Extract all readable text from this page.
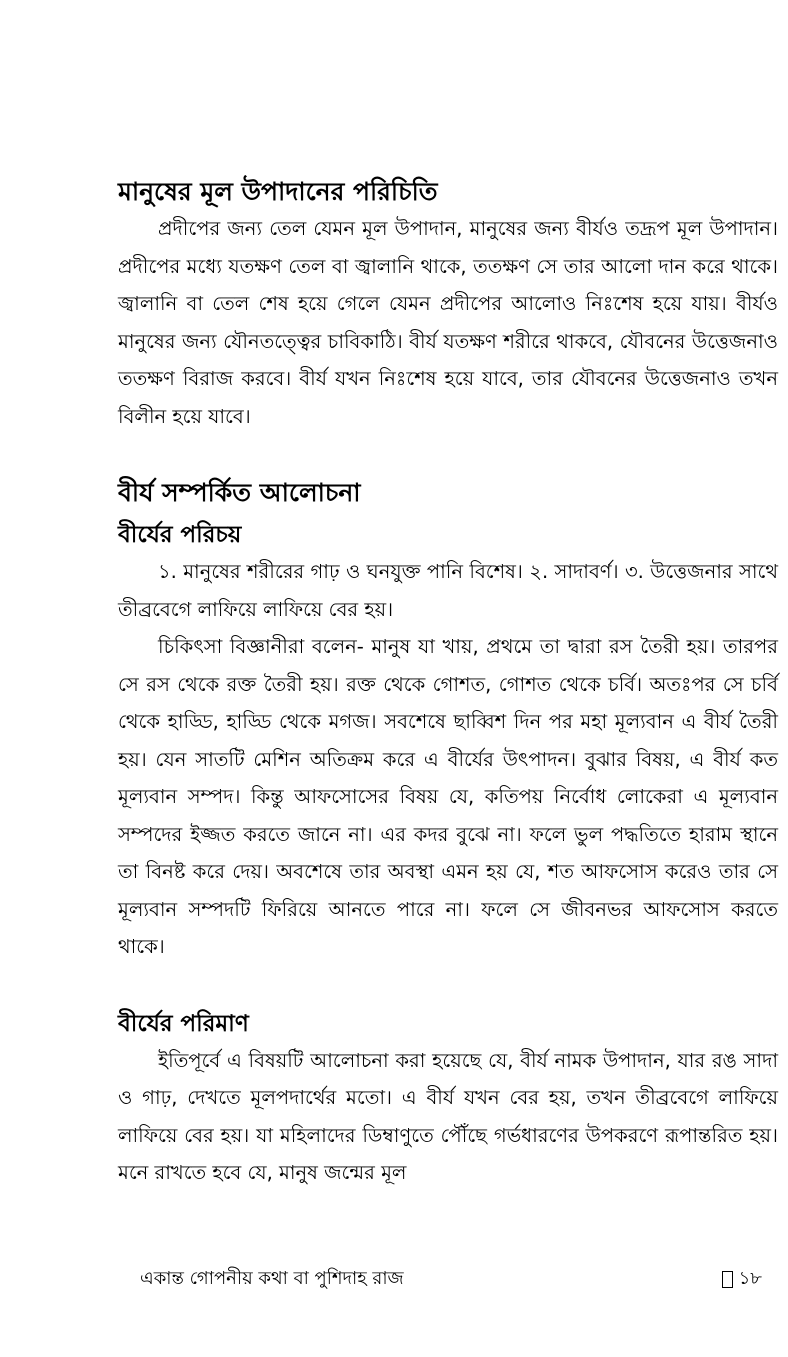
মানুষের মূল উপাদানের পরিচিতি

প্রদীপের জন্য তেল যেমন মূল উপাদান, মানুষের জন্য বীর্যও তদ্রূপ মূল উপাদান। প্রদীপের মধ্যে যতক্ষণ তেল বা জ্বালানি থাকে, ততক্ষণ সে তার আলো দান করে থাকে। জ্বালানি বা তেল শেষ হয়ে গেলে যেমন প্রদীপের আলোও নিঃশেষ হয়ে যায়। বীর্যও মানুষের জন্য যৌনতত্ত্বের চাবিকাঠি। বীর্য যতক্ষণ শরীরে থাকবে, যৌবনের উত্তেজনাও ততক্ষণ বিরাজ করবে। বীর্য যখন নিঃশেষ হয়ে যাবে, তার যৌবনের উত্তেজনাও তখন বিলীন হয়ে যাবে।

বীর্য সম্পর্কিত আলোচনা
বীর্যের পরিচয়

১. মানুষের শরীরের গাঢ় ও ঘনযুক্ত পানি বিশেষ। ২. সাদাবর্ণ। ৩. উত্তেজনার সাথে তীব্রবেগে লাফিয়ে লাফিয়ে বের হয়।

চিকিৎসা বিজ্ঞানীরা বলেন- মানুষ যা খায়, প্রথমে তা দ্বারা রস তৈরী হয়। তারপর সে রস থেকে রক্ত তৈরী হয়। রক্ত থেকে গোশত, গোশত থেকে চর্বি। অতঃপর সে চর্বি থেকে হাড্ডি, হাড্ডি থেকে মগজ। সবশেষে ছাব্বিশ দিন পর মহা মূল্যবান এ বীর্য তৈরী হয়। যেন সাতটি মেশিন অতিক্রম করে এ বীর্যের উৎপাদন। বুঝার বিষয়, এ বীর্য কত মূল্যবান সম্পদ। কিন্তু আফসোসের বিষয় যে, কতিপয় নির্বোধ লোকেরা এ মূল্যবান সম্পদের ইজ্জত করতে জানে না। এর কদর বুঝে না। ফলে ভুল পদ্ধতিতে হারাম স্থানে তা বিনষ্ট করে দেয়। অবশেষে তার অবস্থা এমন হয় যে, শত আফসোস করেও তার সে মূল্যবান সম্পদটি ফিরিয়ে আনতে পারে না। ফলে সে জীবনভর আফসোস করতে থাকে।

বীর্যের পরিমাণ

ইতিপূর্বে এ বিষয়টি আলোচনা করা হয়েছে যে, বীর্য নামক উপাদান, যার রঙ সাদা ও গাঢ়, দেখতে মূলপদার্থের মতো। এ বীর্য যখন বের হয়, তখন তীব্রবেগে লাফিয়ে লাফিয়ে বের হয়। যা মহিলাদের ডিম্বাণুতে পৌঁছে গর্ভধারণের উপকরণে রূপান্তরিত হয়। মনে রাখতে হবে যে, মানুষ জন্মের মূল

একান্ত গোপনীয় কথা বা পুশিদাহ রাজ	১৮
